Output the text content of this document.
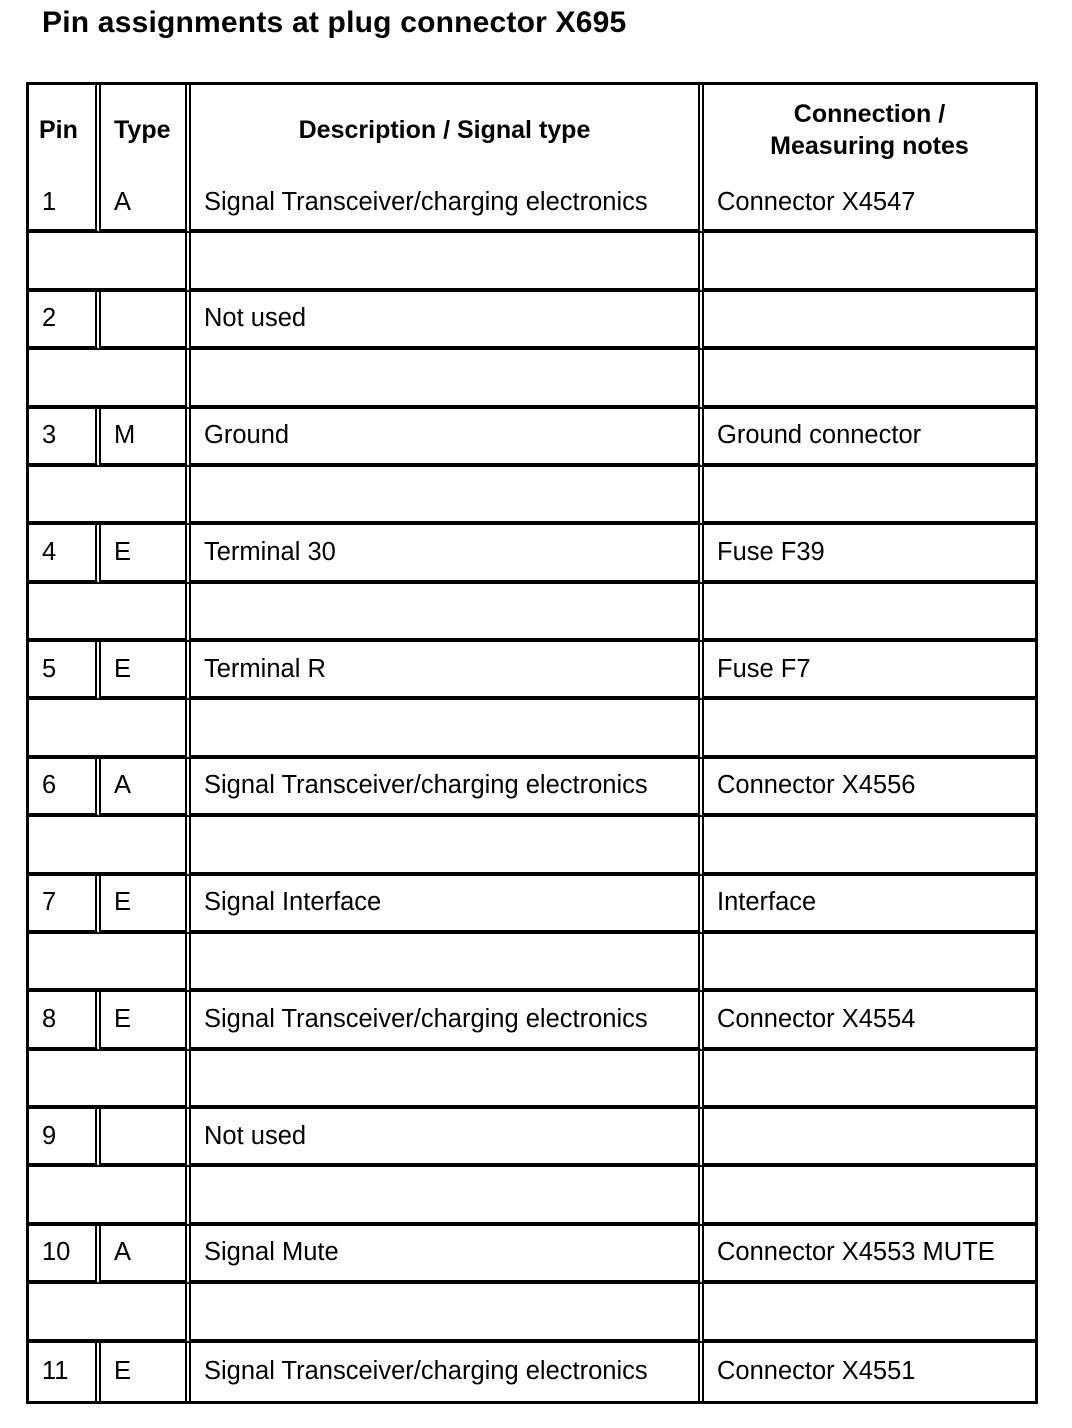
Pin assignments at plug connector X695
Pin	Type	Description / Signal type	Connection /
Measuring notes
1	A	Signal Transceiver/charging electronics	Connector X4547

2		Not used	

3	M	Ground	Ground connector

4	E	Terminal 30	Fuse F39

5	E	Terminal R	Fuse F7

6	A	Signal Transceiver/charging electronics	Connector X4556

7	E	Signal Interface	Interface

8	E	Signal Transceiver/charging electronics	Connector X4554

9		Not used	

10	A	Signal Mute	Connector X4553 MUTE

11	E	Signal Transceiver/charging electronics	Connector X4551
